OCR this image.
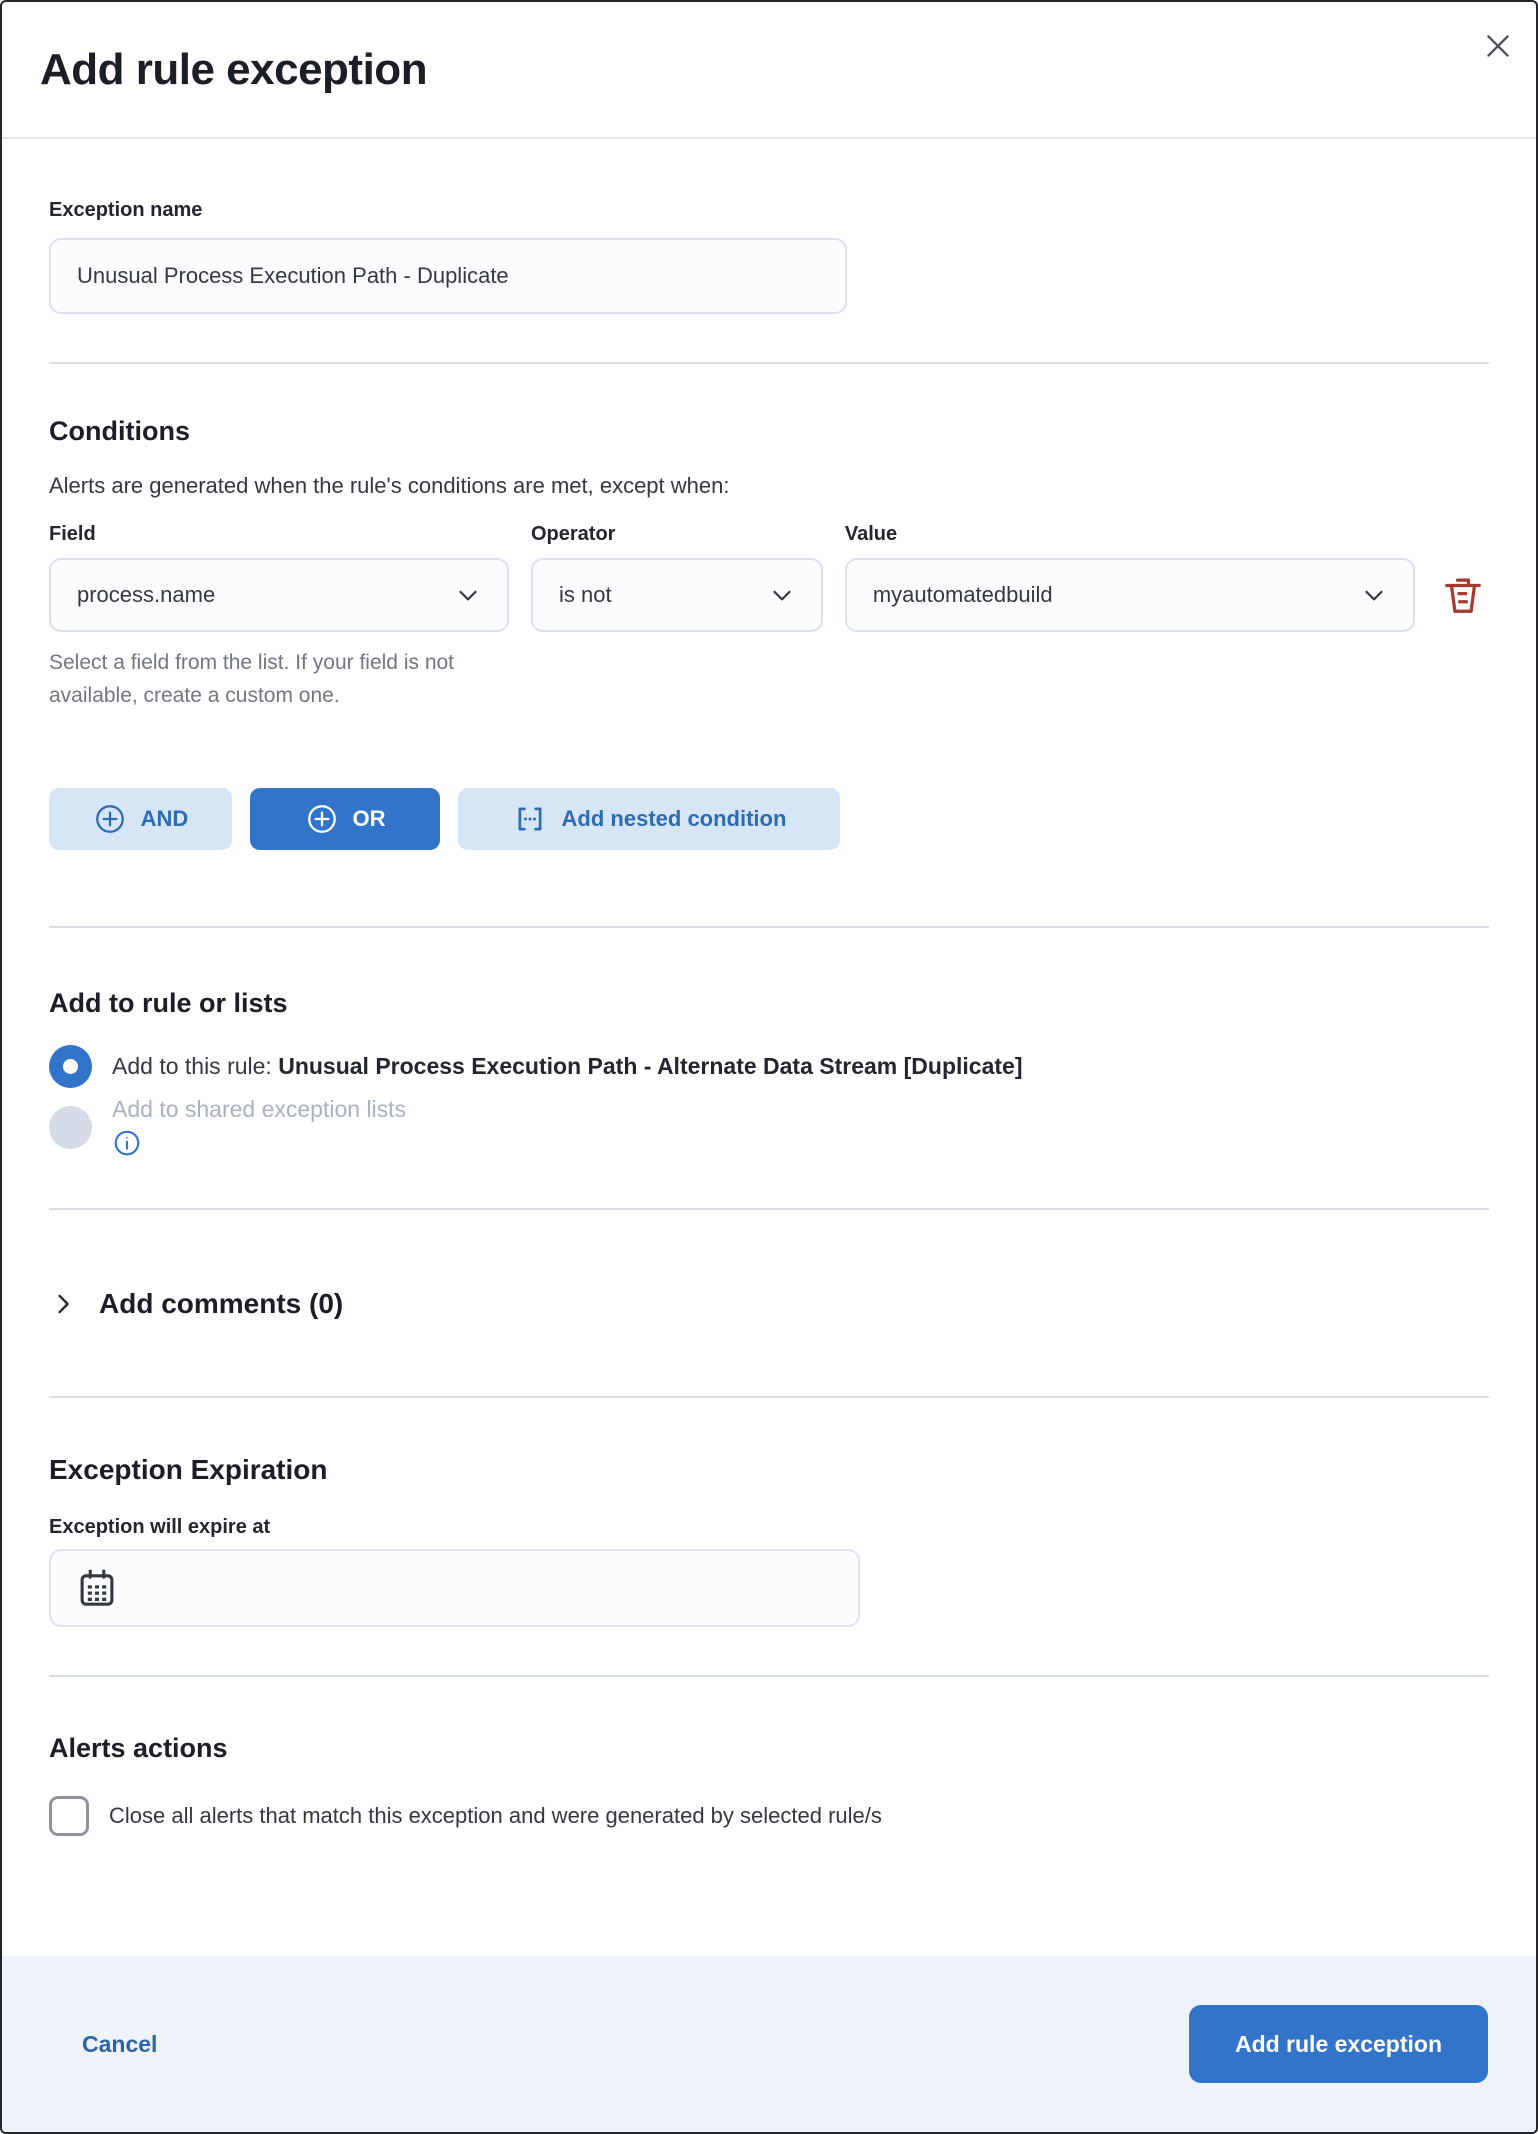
Add rule exception
Exception name
Unusual Process Execution Path - Duplicate
Conditions
Alerts are generated when the rule's conditions are met, except when:
Field
process.name
Operator
is not
Value
myautomatedbuild
Select a field from the list. If your field is not available, create a custom one.
AND	OR	Add nested condition
Add to rule or lists
Add to this rule: Unusual Process Execution Path - Alternate Data Stream [Duplicate]
Add to shared exception lists
Add comments (0)
Exception Expiration
Exception will expire at
Alerts actions
Close all alerts that match this exception and were generated by selected rule/s
Cancel	Add rule exception
